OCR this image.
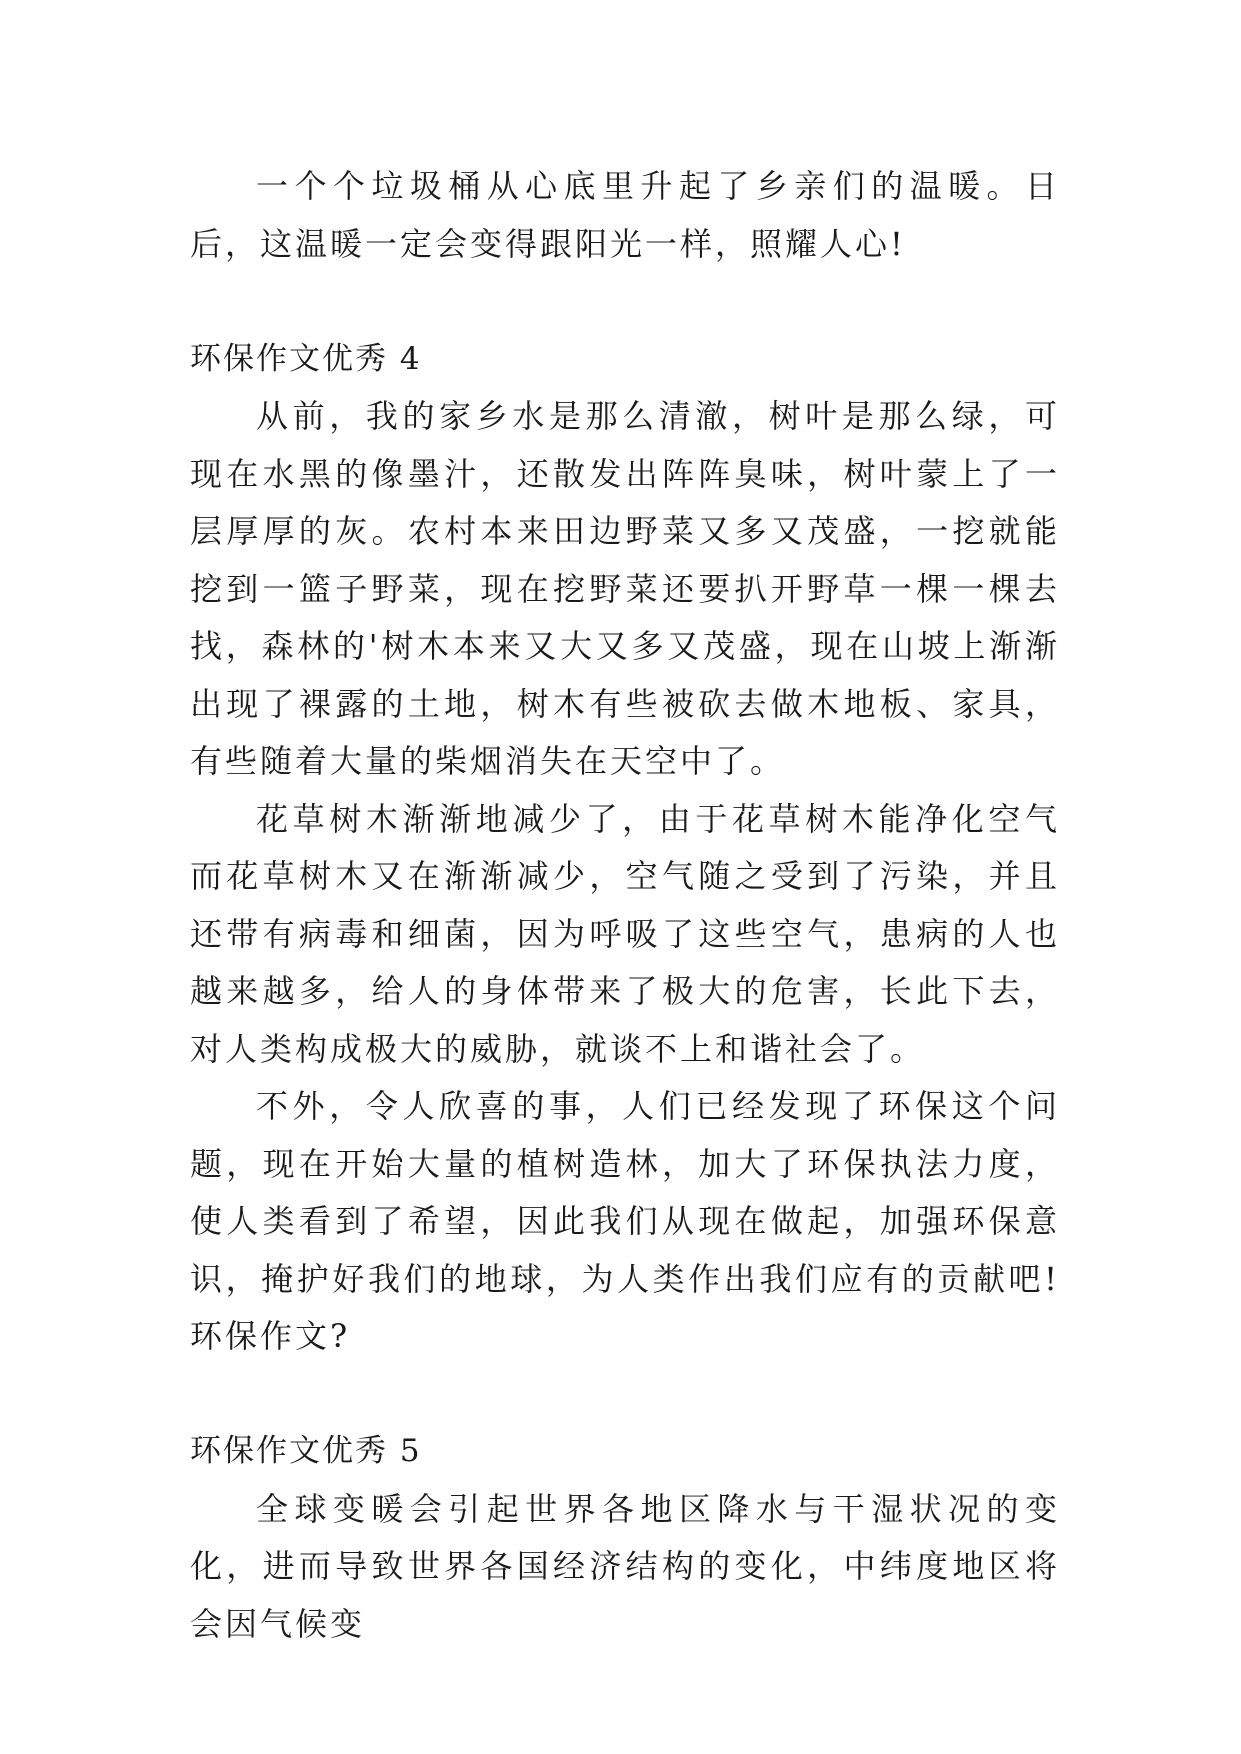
一个个垃圾桶从心底里升起了乡亲们的温暖。日后，这温暖一定会变得跟阳光一样，照耀人心!

环保作文优秀 4

从前，我的家乡水是那么清澈，树叶是那么绿，可现在水黑的像墨汁，还散发出阵阵臭味，树叶蒙上了一层厚厚的灰。农村本来田边野菜又多又茂盛，一挖就能挖到一篮子野菜，现在挖野菜还要扒开野草一棵一棵去找，森林的'树木本来又大又多又茂盛，现在山坡上渐渐出现了裸露的土地，树木有些被砍去做木地板、家具，有些随着大量的柴烟消失在天空中了。

花草树木渐渐地减少了，由于花草树木能净化空气而花草树木又在渐渐减少，空气随之受到了污染，并且还带有病毒和细菌，因为呼吸了这些空气，患病的人也越来越多，给人的身体带来了极大的危害，长此下去，对人类构成极大的威胁，就谈不上和谐社会了。

不外，令人欣喜的事，人们已经发现了环保这个问题，现在开始大量的植树造林，加大了环保执法力度，使人类看到了希望，因此我们从现在做起，加强环保意识，掩护好我们的地球，为人类作出我们应有的贡献吧!环保作文?

环保作文优秀 5

全球变暖会引起世界各地区降水与干湿状况的变化，进而导致世界各国经济结构的变化，中纬度地区将会因气候变
